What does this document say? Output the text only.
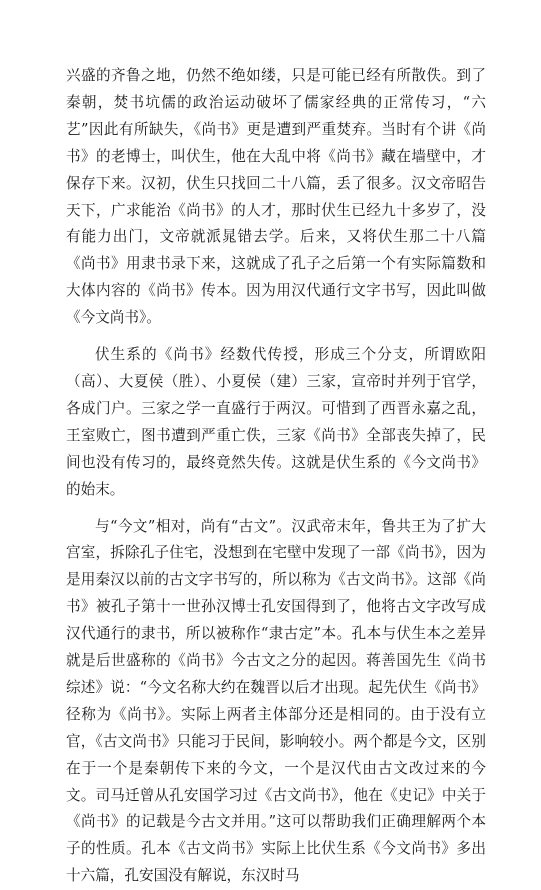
兴盛的齐鲁之地，仍然不绝如缕，只是可能已经有所散佚。到了秦朝，焚书坑儒的政治运动破坏了儒家经典的正常传习，“六艺”因此有所缺失，《尚书》更是遭到严重焚弃。当时有个讲《尚书》的老博士，叫伏生，他在大乱中将《尚书》藏在墙壁中，才保存下来。汉初，伏生只找回二十八篇，丢了很多。汉文帝昭告天下，广求能治《尚书》的人才，那时伏生已经九十多岁了，没有能力出门，文帝就派晁错去学。后来，又将伏生那二十八篇《尚书》用隶书录下来，这就成了孔子之后第一个有实际篇数和大体内容的《尚书》传本。因为用汉代通行文字书写，因此叫做《今文尚书》。

伏生系的《尚书》经数代传授，形成三个分支，所谓欧阳（高）、大夏侯（胜）、小夏侯（建）三家，宣帝时并列于官学，各成门户。三家之学一直盛行于两汉。可惜到了西晋永嘉之乱，王室败亡，图书遭到严重亡佚，三家《尚书》全部丧失掉了，民间也没有传习的，最终竟然失传。这就是伏生系的《今文尚书》的始末。

与“今文”相对，尚有“古文”。汉武帝末年，鲁共王为了扩大宫室，拆除孔子住宅，没想到在宅壁中发现了一部《尚书》，因为是用秦汉以前的古文字书写的，所以称为《古文尚书》。这部《尚书》被孔子第十一世孙汉博士孔安国得到了，他将古文字改写成汉代通行的隶书，所以被称作“隶古定”本。孔本与伏生本之差异就是后世盛称的《尚书》今古文之分的起因。蒋善国先生《尚书综述》说：“今文名称大约在魏晋以后才出现。起先伏生《尚书》径称为《尚书》。实际上两者主体部分还是相同的。由于没有立官，《古文尚书》只能习于民间，影响较小。两个都是今文，区别在于一个是秦朝传下来的今文，一个是汉代由古文改过来的今文。司马迁曾从孔安国学习过《古文尚书》，他在《史记》中关于《尚书》的记载是今古文并用。”这可以帮助我们正确理解两个本子的性质。孔本《古文尚书》实际上比伏生系《今文尚书》多出十六篇，孔安国没有解说，东汉时马
